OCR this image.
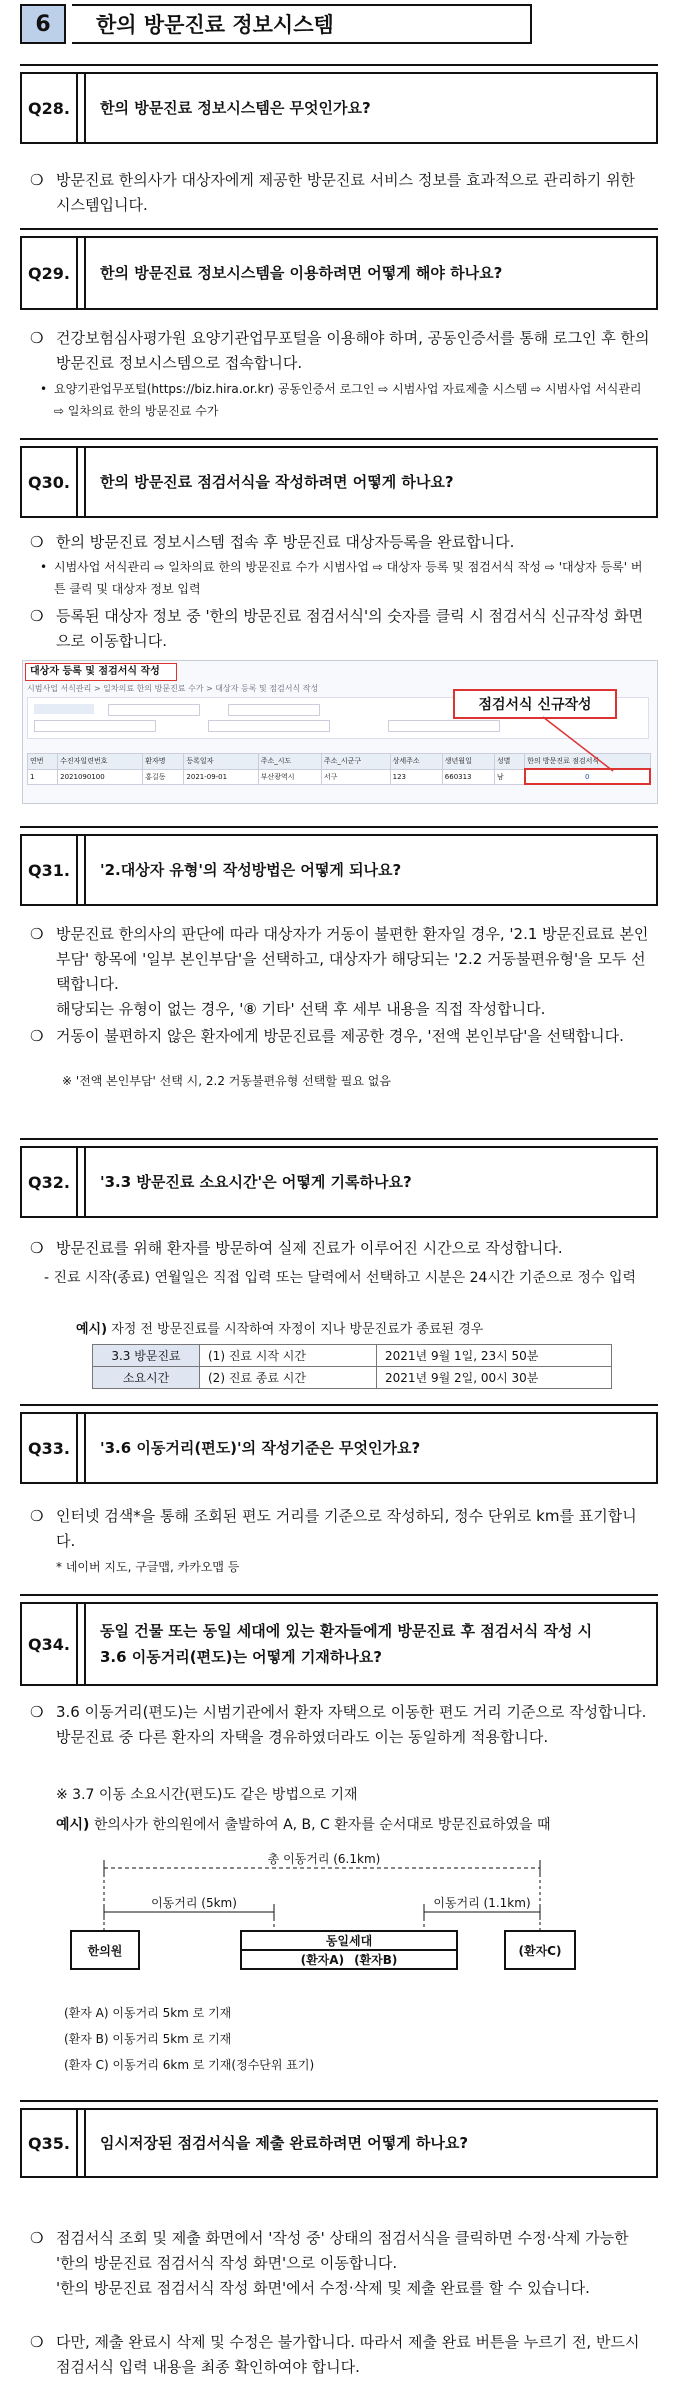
6	한의 방문진료 정보시스템
Q28.	한의 방문진료 정보시스템은 무엇인가요?
❍ 방문진료 한의사가 대상자에게 제공한 방문진료 서비스 정보를 효과적으로 관리하기 위한 시스템입니다.
Q29.	한의 방문진료 정보시스템을 이용하려면 어떻게 해야 하나요?
❍ 건강보험심사평가원 요양기관업무포털을 이용해야 하며, 공동인증서를 통해 로그인 후 한의 방문진료 정보시스템으로 접속합니다.
• 요양기관업무포털(https://biz.hira.or.kr) 공동인증서 로그인 ⇨ 시범사업 자료제출 시스템 ⇨ 시범사업 서식관리 ⇨ 일차의료 한의 방문진료 수가
Q30.	한의 방문진료 점검서식을 작성하려면 어떻게 하나요?
❍ 한의 방문진료 정보시스템 접속 후 방문진료 대상자등록을 완료합니다.
• 시범사업 서식관리 ⇨ 일차의료 한의 방문진료 수가 시범사업 ⇨ 대상자 등록 및 점검서식 작성 ⇨ '대상자 등록' 버튼 클릭 및 대상자 정보 입력
❍ 등록된 대상자 정보 중 '한의 방문진료 점검서식'의 숫자를 클릭 시 점검서식 신규작성 화면으로 이동합니다.
대상자 등록 및 점검서식 작성
시범사업 서식관리 > 일차의료 한의 방문진료 수가 > 대상자 등록 및 점검서식 작성
연번	수진자일련번호	환자명	등록일자	주소_시도	주소_시군구	상세주소	생년월일	성별	한의 방문진료 점검서식
1	2021090100	홍길동	2021-09-01	부산광역시	서구	123	660313	남	0
점검서식 신규작성
Q31.	'2.대상자 유형'의 작성방법은 어떻게 되나요?
❍ 방문진료 한의사의 판단에 따라 대상자가 거동이 불편한 환자일 경우, '2.1 방문진료료 본인부담' 항목에 '일부 본인부담'을 선택하고, 대상자가 해당되는 '2.2 거동불편유형'을 모두 선택합니다.
해당되는 유형이 없는 경우, '⑧ 기타' 선택 후 세부 내용을 직접 작성합니다.
❍ 거동이 불편하지 않은 환자에게 방문진료를 제공한 경우, '전액 본인부담'을 선택합니다.
※ '전액 본인부담' 선택 시, 2.2 거동불편유형 선택할 필요 없음
Q32.	'3.3 방문진료 소요시간'은 어떻게 기록하나요?
❍ 방문진료를 위해 환자를 방문하여 실제 진료가 이루어진 시간으로 작성합니다.
- 진료 시작(종료) 연월일은 직접 입력 또는 달력에서 선택하고 시분은 24시간 기준으로 정수 입력
예시) 자정 전 방문진료를 시작하여 자정이 지나 방문진료가 종료된 경우
3.3 방문진료	(1) 진료 시작 시간	2021년 9월 1일, 23시 50분
소요시간	(2) 진료 종료 시간	2021년 9월 2일, 00시 30분
Q33.	'3.6 이동거리(편도)'의 작성기준은 무엇인가요?
❍ 인터넷 검색*을 통해 조회된 편도 거리를 기준으로 작성하되, 정수 단위로 km를 표기합니다.
* 네이버 지도, 구글맵, 카카오맵 등
Q34.
동일 건물 또는 동일 세대에 있는 환자들에게 방문진료 후 점검서식 작성 시
3.6 이동거리(편도)는 어떻게 기재하나요?
❍ 3.6 이동거리(편도)는 시범기관에서 환자 자택으로 이동한 편도 거리 기준으로 작성합니다. 방문진료 중 다른 환자의 자택을 경유하였더라도 이는 동일하게 적용합니다.
※ 3.7 이동 소요시간(편도)도 같은 방법으로 기재
예시) 한의사가 한의원에서 출발하여 A, B, C 환자를 순서대로 방문진료하였을 때
총 이동거리 (6.1km)
이동거리 (5km)	이동거리 (1.1km)
한의원
동일세대
(환자A) (환자B)
(환자C)
(환자 A) 이동거리 5km 로 기재
(환자 B) 이동거리 5km 로 기재
(환자 C) 이동거리 6km 로 기재(정수단위 표기)
Q35.	임시저장된 점검서식을 제출 완료하려면 어떻게 하나요?
❍ 점검서식 조회 및 제출 화면에서 '작성 중' 상태의 점검서식을 클릭하면 수정·삭제 가능한 '한의 방문진료 점검서식 작성 화면'으로 이동합니다.
'한의 방문진료 점검서식 작성 화면'에서 수정·삭제 및 제출 완료를 할 수 있습니다.
❍ 다만, 제출 완료시 삭제 및 수정은 불가합니다. 따라서 제출 완료 버튼을 누르기 전, 반드시 점검서식 입력 내용을 최종 확인하여야 합니다.
